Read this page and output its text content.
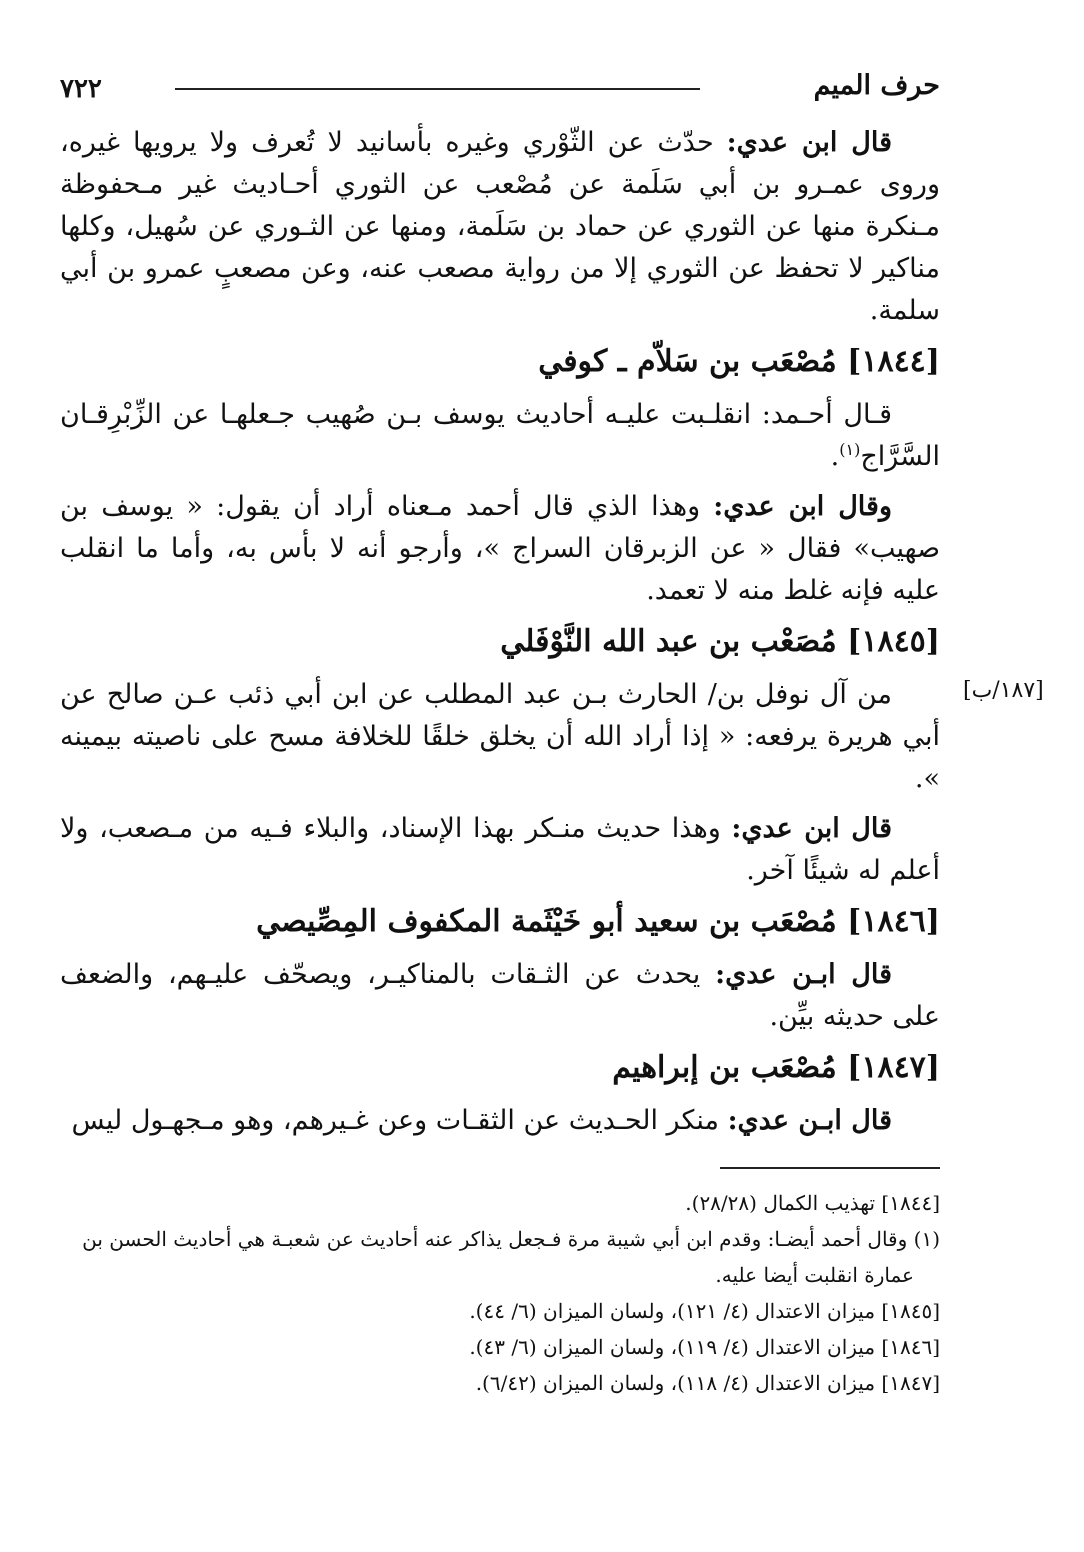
٧٢٢	حرف الميم

قال ابن عدي: حدّث عن الثّوْري وغيره بأسانيد لا تُعرف ولا يرويها غيره، وروى عمـرو بن أبي سَلَمة عن مُصْعب عن الثوري أحـاديث غير مـحفوظة مـنكرة منها عن الثوري عن حماد بن سَلَمة، ومنها عن الثـوري عن سُهيل، وكلها مناكير لا تحفظ عن الثوري إلا من رواية مصعب عنه، وعن مصعبٍ عمرو بن أبي سلمة.

[١٨٤٤] مُصْعَب بن سَلاّم ـ كوفي

قـال أحـمد: انقلـبت عليـه أحاديث يوسف بـن صُهيب جـعلهـا عن الزِّبْرِقـان السَّرَّاج$^{(١)}$.

وقال ابن عدي: وهذا الذي قال أحمد مـعناه أراد أن يقول: « يوسف بن صهيب» فقال « عن الزبرقان السراج »، وأرجو أنه لا بأس به، وأما ما انقلب عليه فإنه غلط منه لا تعمد.

[١٨٤٥] مُصَعْب بن عبد الله النَّوْفَلي

من آل نوفل بن/ الحارث بـن عبد المطلب عن ابن أبي ذئب عـن صالح عن أبي هريرة يرفعه: « إذا أراد الله أن يخلق خلقًا للخلافة مسح على ناصيته بيمينه ».

قال ابن عدي: وهذا حديث منـكر بهذا الإسناد، والبلاء فـيه من مـصعب، ولا أعلم له شيئًا آخر.

[١٨٤٦] مُصْعَب بن سعيد أبو خَيْثَمة المكفوف المِصِّيصي

قال ابـن عدي: يحدث عن الثـقات بالمناكيـر، ويصحّف عليـهم، والضعف على حديثه بيِّن.

[١٨٤٧] مُصْعَب بن إبراهيم

قال ابـن عدي: منكر الحـديث عن الثقـات وعن غـيرهم، وهو مـجهـول ليس

[١٨٧/ب]

[١٨٤٤] تهذيب الكمال (٢٨/٢٨).

(١) وقال أحمد أيضـا: وقدم ابن أبي شيبة مرة فـجعل يذاكر عنه أحاديث عن شعبـة هي أحاديث الحسن بن

عمارة انقلبت أيضا عليه.

[١٨٤٥] ميزان الاعتدال (٤/ ١٢١)، ولسان الميزان (٦/ ٤٤).

[١٨٤٦] ميزان الاعتدال (٤/ ١١٩)، ولسان الميزان (٦/ ٤٣).

[١٨٤٧] ميزان الاعتدال (٤/ ١١٨)، ولسان الميزان (٦/٤٢).
